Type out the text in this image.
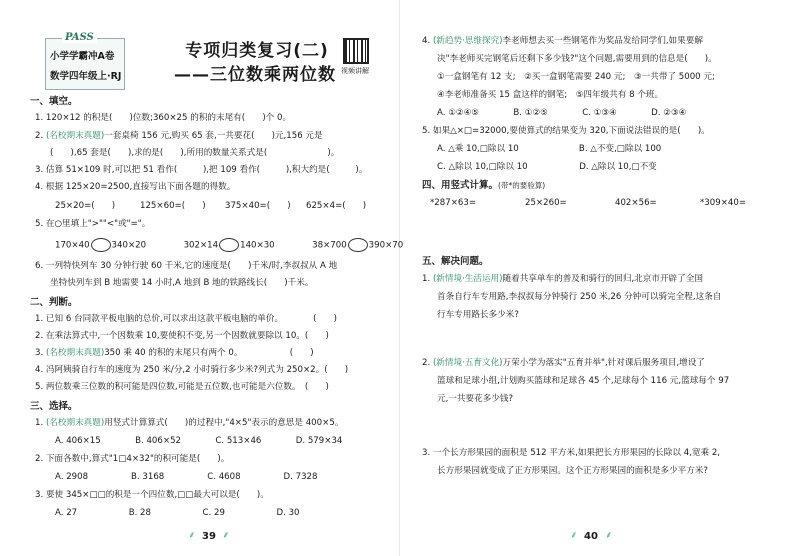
PASS
小学学霸冲A卷
数学四年级上·RJ
专项归类复习(二)
——三位数乘两位数 视频讲解
一、填空。
1. 120×12 的积是(　　)位数;360×25 的积的末尾有(　　)个 0。
2. (名校期末真题)一套桌椅 156 元,购买 65 套,一共要花(　　)元,156 元是
(　　),65 套是(　　),求的是(　　),所用的数量关系式是(　　　　　　　)。
3. 估算 51×109 时,可以把 51 看作(　　　),把 109 看作(　　　),积大约是(　　　)。
4. 根据 125×20=2500,直接写出下面各题的得数。
25×20=(　　)	125×60=(　　) 375×40=(　　) 625×4=(　　)
5. 在○里填上">""<"或"="。
170×40	340×20	302×14	140×30	38×700	390×70
6. 一列特快列车 30 分钟行驶 60 千米,它的速度是(　　)千米/时,李叔叔从 A 地
坐特快列车到 B 地需要 14 小时,A 地到 B 地的铁路线长(　　)千米。
二、判断。
1. 已知 6 台同款平板电脑的总价,可以求出这款平板电脑的单价。　　　　(　　)
2. 在乘法算式中,一个因数乘 10,要使积不变,另一个因数就要除以 10。(　　)
3. (名校期末真题)350 乘 40 的积的末尾只有两个 0。　　　　　　(　　)
4. 冯阿姨骑自行车的速度为 250 米/分,2 小时骑行多少米?列式为 250×2。(　　)
5. 两位数乘三位数的积可能是四位数,可能是五位数,也可能是六位数。　(　　)
三、选择。
1. (名校期末真题)用竖式计算算式(　　)的过程中,"4×5"表示的意思是 400×5。
A. 406×15　　　　B. 406×52　　　　C. 513×46　　　　D. 579×34
2. 下面各数中,算式"1□4×32"的积可能是(　　)。
A. 2908　　　　　B. 3168　　　　　C. 4608　　　　　D. 7328
3. 要使 345×□□的积是一个四位数,□□最大可以是(　　)。
A. 27　　　　　　B. 28　　　　　　C. 29　　　　　　D. 30
⸙ 39 ⸙
4. (新趋势·思维探究)李老师想去买一些钢笔作为奖品发给同学们,如果要解
决"李老师买完钢笔后还剩下多少钱?"这个问题,需要用到的信息是(　　)。
①一盒钢笔有 12 支;　②买一盒钢笔需要 240 元;　③一共带了 5000 元;
④李老师准备买 15 盒这样的钢笔;　⑤四年级共有 8 个班。
A. ①②④⑤　　　　B. ①②⑤　　　　C. ①③④　　　　D. ②③④
5. 如果△×□=32000,要使算式的结果变为 320,下面说法错误的是(　　)。
A. △乘 10,□除以 10　　　　　　　B. △不变,□除以 100
C. △除以 10,□除以 10　　　　　　D. △除以 10,□不变
四、用竖式计算。(带*的要验算)
*287×63=	25×260=	402×56=	*309×40=
五、解决问题。
1. (新情境·生活运用)随着共享单车的普及和骑行的回归,北京市开辟了全国
首条自行车专用路,李叔叔每分钟骑行 250 米,26 分钟可以骑完全程,这条自
行车专用路长多少米?
2. (新情境·五育文化)万荣小学为落实"五育并举",针对课后服务项目,增设了
篮球和足球小组,计划购买篮球和足球各 45 个,足球每个 116 元,篮球每个 97
元,一共要花多少钱?
3. 一个长方形果园的面积是 512 平方米,如果把长方形果园的长除以 4,宽乘 2,
长方形果园就变成了正方形果园。这个正方形果园的面积是多少平方米?
⸙ 40 ⸙
